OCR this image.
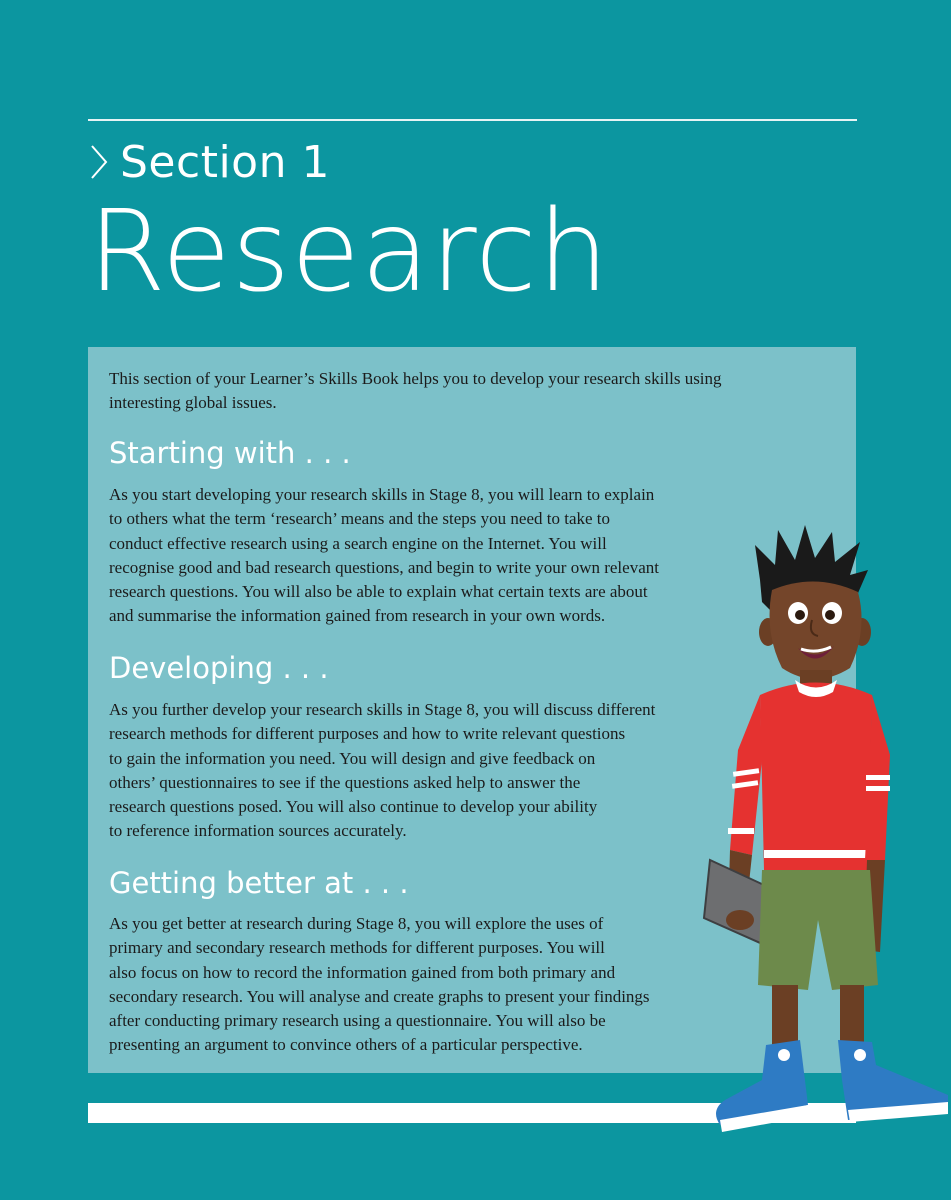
Section 1
Research
This section of your Learner’s Skills Book helps you to develop your research skills using interesting global issues.
Starting with . . .
As you start developing your research skills in Stage 8, you will learn to explain
to others what the term ‘research’ means and the steps you need to take to
conduct effective research using a search engine on the Internet. You will
recognise good and bad research questions, and begin to write your own relevant
research questions. You will also be able to explain what certain texts are about
and summarise the information gained from research in your own words.
Developing . . .
As you further develop your research skills in Stage 8, you will discuss different
research methods for different purposes and how to write relevant questions
to gain the information you need. You will design and give feedback on
others’ questionnaires to see if the questions asked help to answer the
research questions posed. You will also continue to develop your ability
to reference information sources accurately.
Getting better at . . .
As you get better at research during Stage 8, you will explore the uses of
primary and secondary research methods for different purposes. You will
also focus on how to record the information gained from both primary and
secondary research. You will analyse and create graphs to present your findings
after conducting primary research using a questionnaire. You will also be
presenting an argument to convince others of a particular perspective.
